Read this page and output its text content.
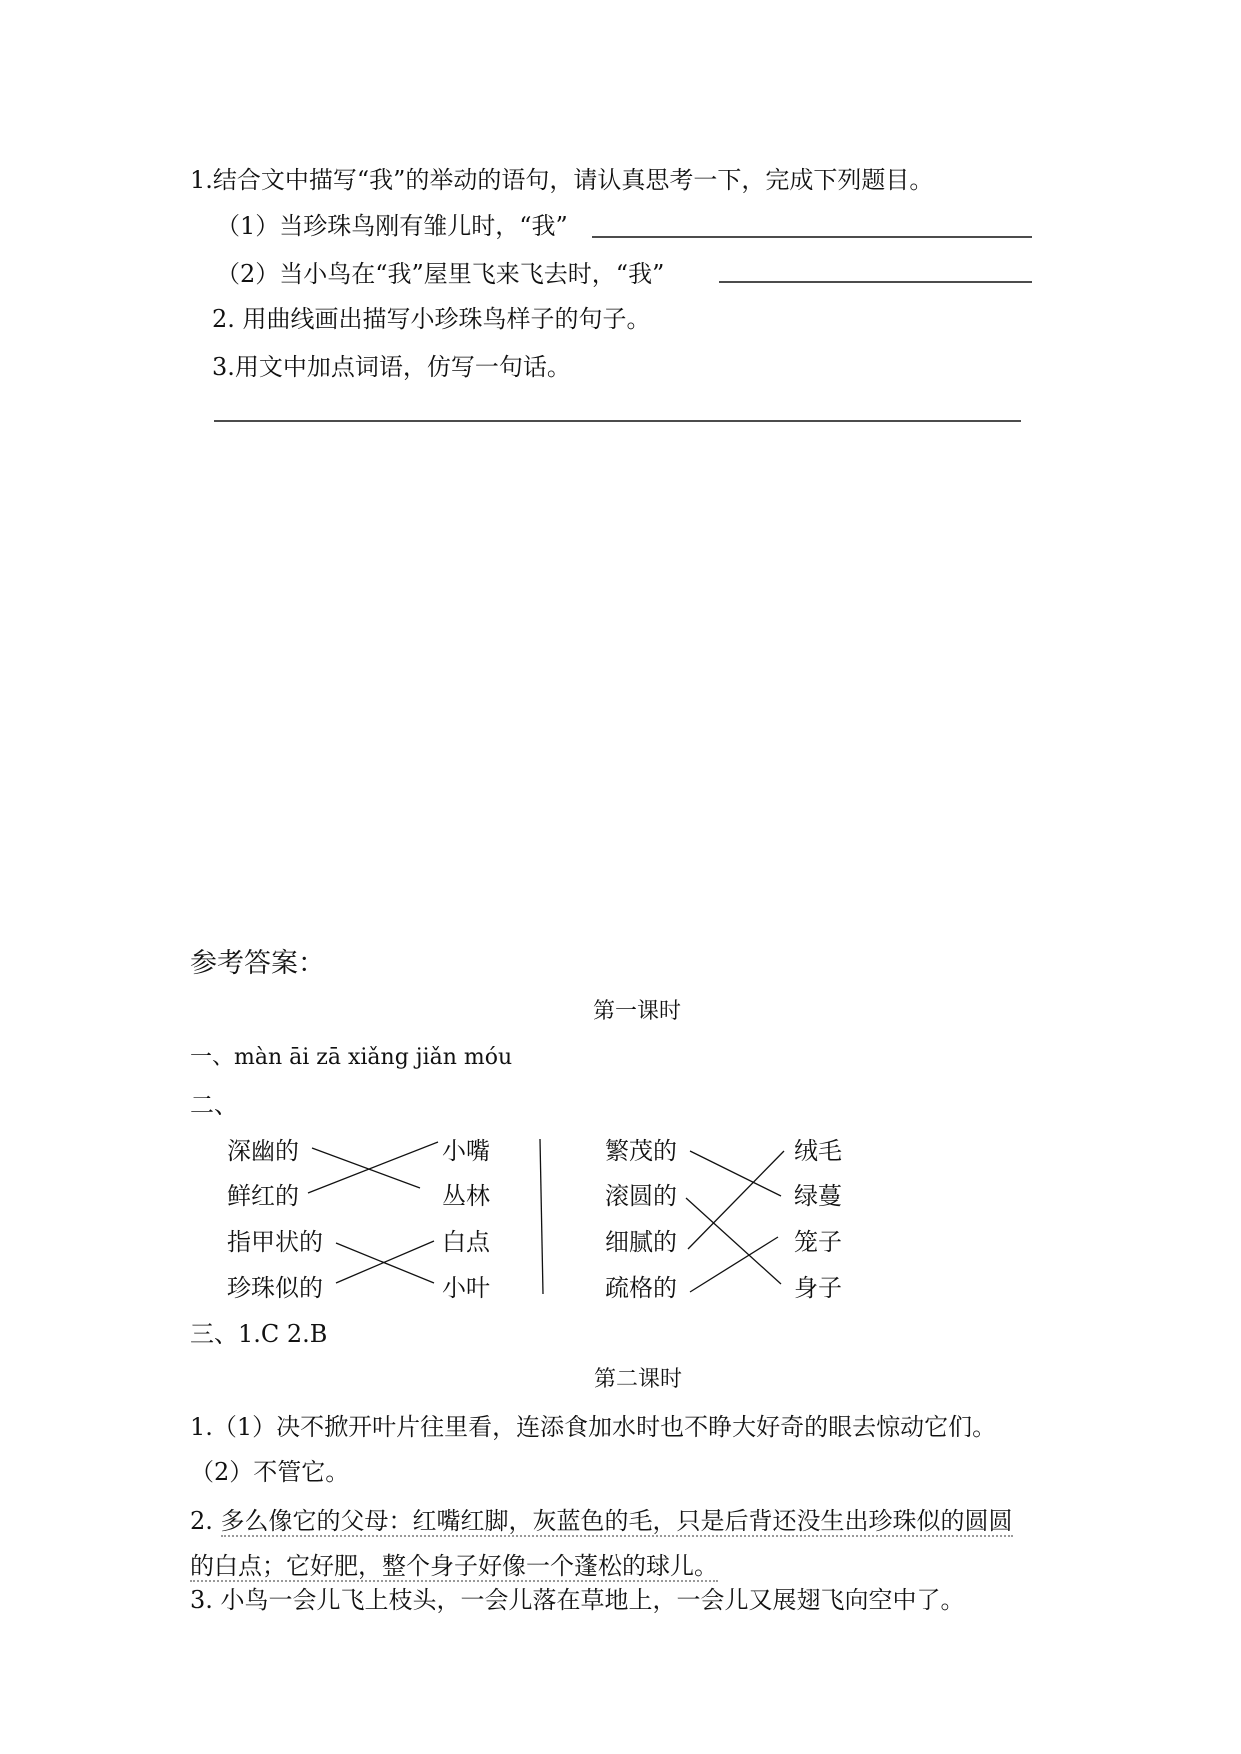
1.结合文中描写“我”的举动的语句，请认真思考一下，完成下列题目。
（1）当珍珠鸟刚有雏儿时，“我”
（2）当小鸟在“我”屋里飞来飞去时，“我”
2. 用曲线画出描写小珍珠鸟样子的句子。
3.用文中加点词语，仿写一句话。
参考答案：
第一课时
一、màn āi zā xiǎng jiǎn móu
二、
深幽的
鲜红的
指甲状的
珍珠似的
小嘴
丛林
白点
小叶
繁茂的
滚圆的
细腻的
疏格的
绒毛
绿蔓
笼子
身子
三、1.C 2.B
第二课时
1.（1）决不掀开叶片往里看，连添食加水时也不睁大好奇的眼去惊动它们。
（2）不管它。
2. 多么像它的父母：红嘴红脚，灰蓝色的毛，只是后背还没生出珍珠似的圆圆
的白点；它好肥，整个身子好像一个蓬松的球儿。
3. 小鸟一会儿飞上枝头，一会儿落在草地上，一会儿又展翅飞向空中了。
